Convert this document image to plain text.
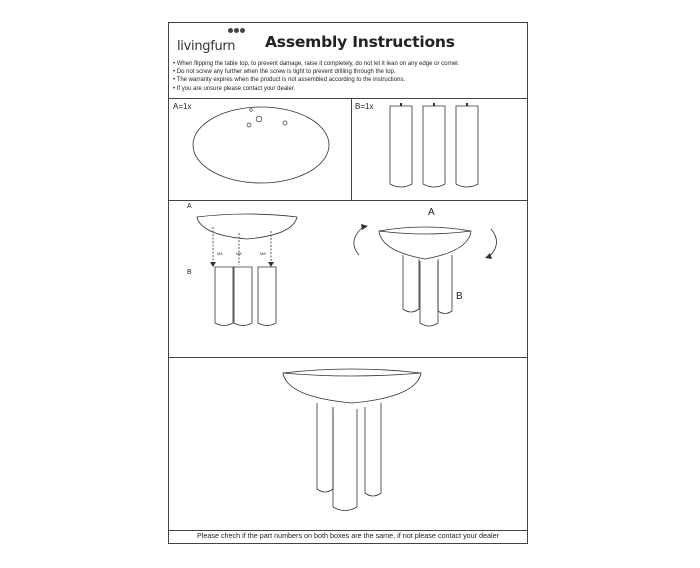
livingfurn Assembly Instructions
• When flipping the table top, to prevent damage, raise it completely, do not let it lean on any edge or corner.
• Do not screw any further when the screw is tight to prevent drilling through the top.
• The warranty expires when the product is not assembled according to the instructions.
• If you are unsure please contact your dealer.
A=1x	B=1x
A
B
M8	M8	M8
A
B
Please chech if the part numbers on both boxes are the same, if not please contact your dealer
